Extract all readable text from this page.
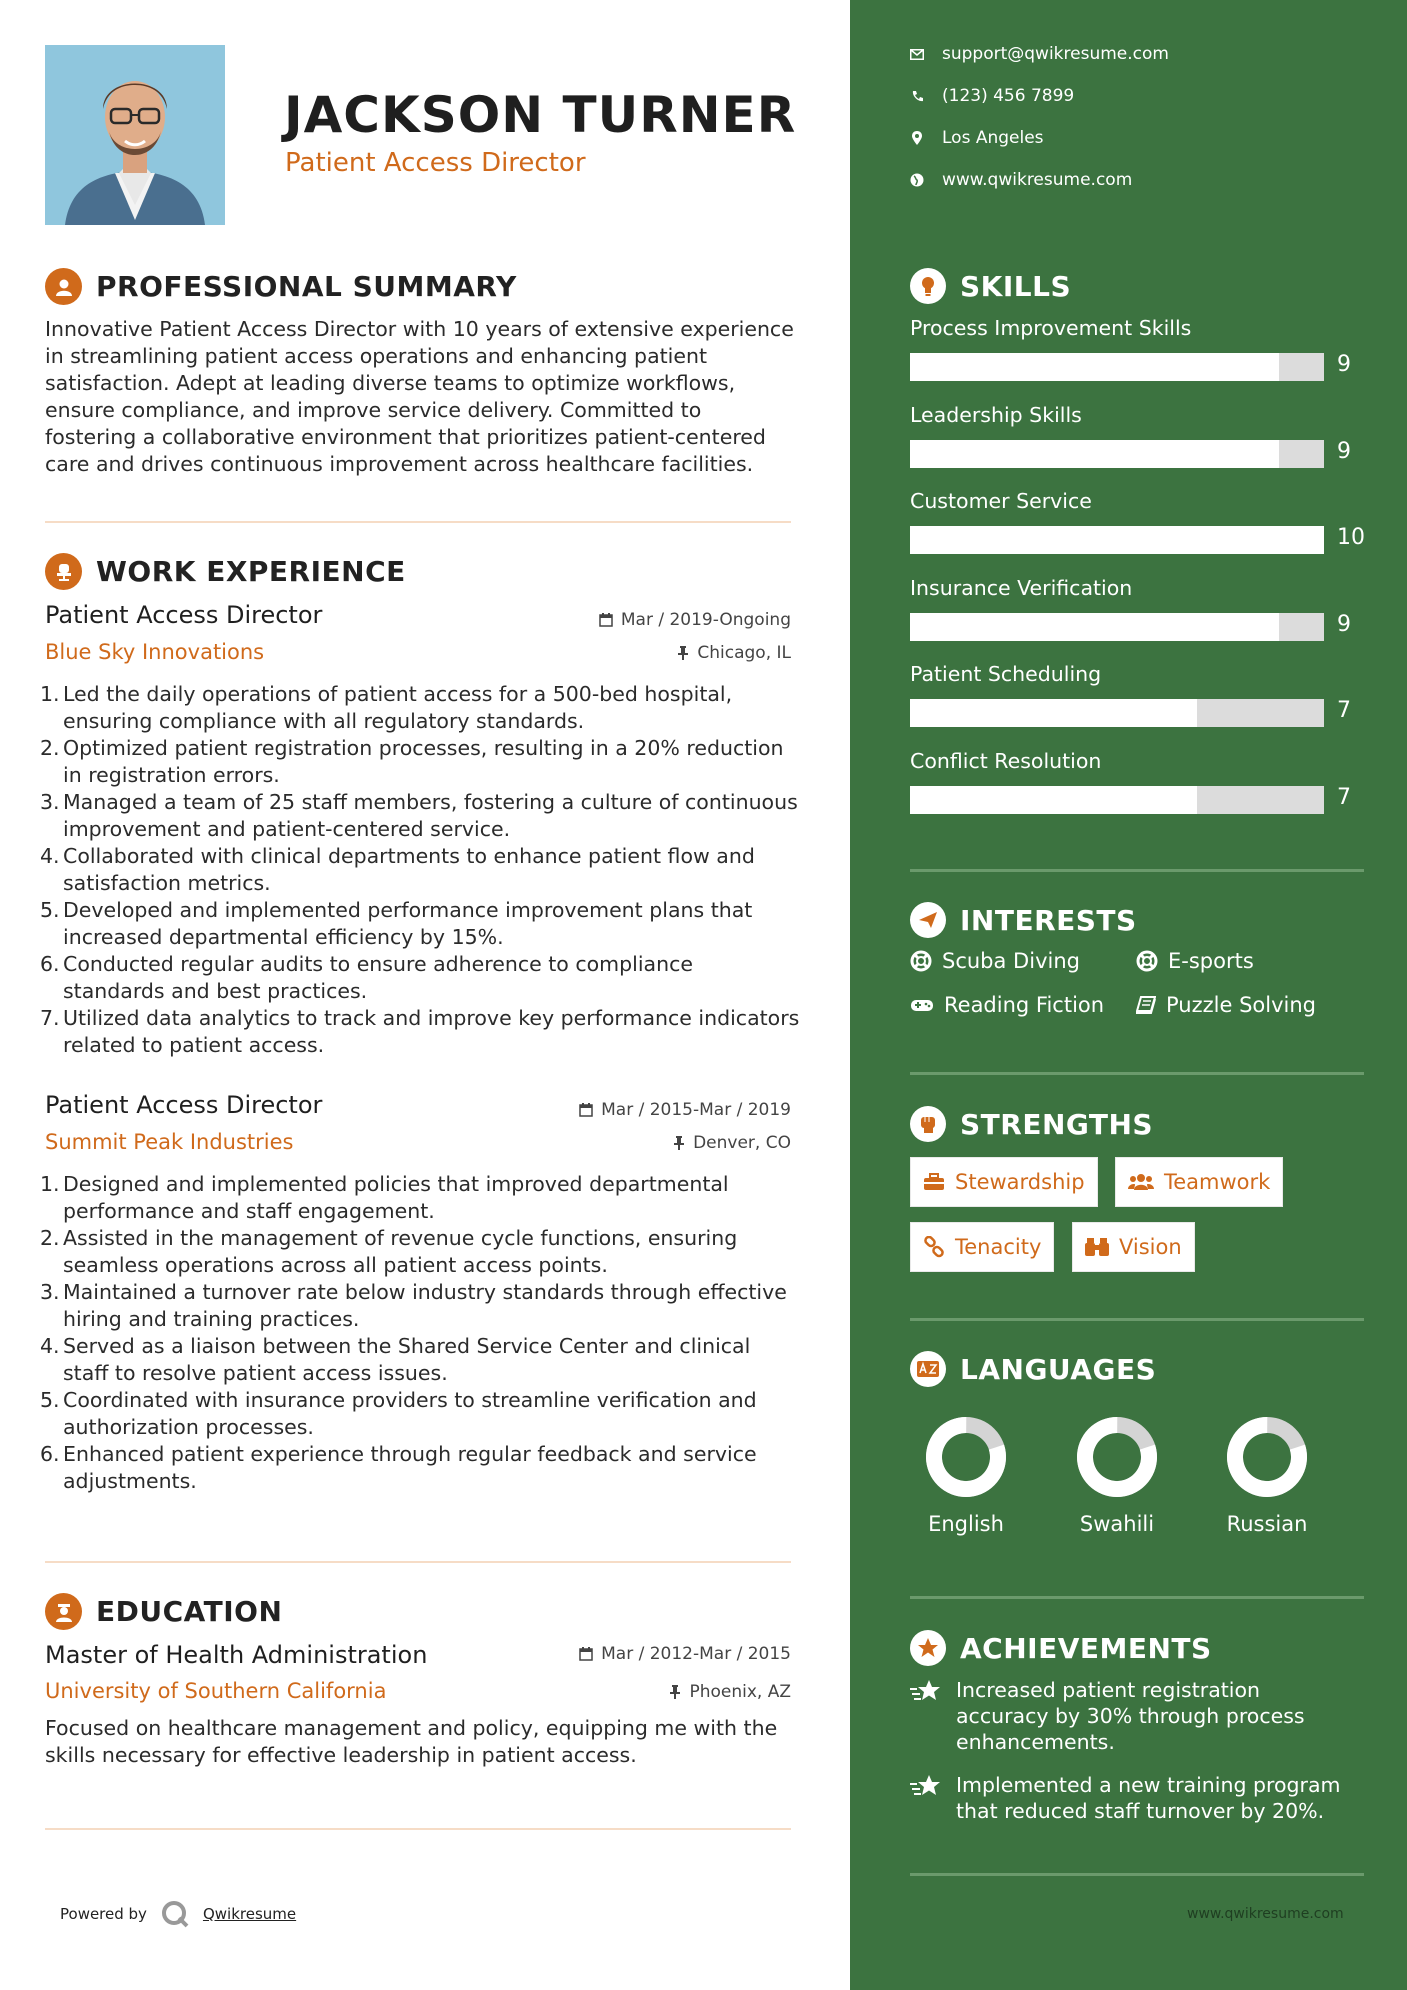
JACKSON TURNER
Patient Access Director
PROFESSIONAL SUMMARY
Innovative Patient Access Director with 10 years of extensive experience in streamlining patient access operations and enhancing patient satisfaction. Adept at leading diverse teams to optimize workflows, ensure compliance, and improve service delivery. Committed to fostering a collaborative environment that prioritizes patient-centered care and drives continuous improvement across healthcare facilities.
WORK EXPERIENCE
Patient Access Director	Mar / 2019-Ongoing
Blue Sky Innovations	Chicago, IL
1. Led the daily operations of patient access for a 500-bed hospital, ensuring compliance with all regulatory standards.
2. Optimized patient registration processes, resulting in a 20% reduction in registration errors.
3. Managed a team of 25 staff members, fostering a culture of continuous improvement and patient-centered service.
4. Collaborated with clinical departments to enhance patient flow and satisfaction metrics.
5. Developed and implemented performance improvement plans that increased departmental efficiency by 15%.
6. Conducted regular audits to ensure adherence to compliance standards and best practices.
7. Utilized data analytics to track and improve key performance indicators related to patient access.
Patient Access Director	Mar / 2015-Mar / 2019
Summit Peak Industries	Denver, CO
1. Designed and implemented policies that improved departmental performance and staff engagement.
2. Assisted in the management of revenue cycle functions, ensuring seamless operations across all patient access points.
3. Maintained a turnover rate below industry standards through effective hiring and training practices.
4. Served as a liaison between the Shared Service Center and clinical staff to resolve patient access issues.
5. Coordinated with insurance providers to streamline verification and authorization processes.
6. Enhanced patient experience through regular feedback and service adjustments.
EDUCATION
Master of Health Administration	Mar / 2012-Mar / 2015
University of Southern California	Phoenix, AZ
Focused on healthcare management and policy, equipping me with the skills necessary for effective leadership in patient access.
Powered by	Qwikresume
support@qwikresume.com
(123) 456 7899
Los Angeles
www.qwikresume.com
SKILLS
Process Improvement Skills
9
Leadership Skills
9
Customer Service
10
Insurance Verification
9
Patient Scheduling
7
Conflict Resolution
7
INTERESTS
Scuba Diving	E-sports
Reading Fiction	Puzzle Solving
STRENGTHS
Stewardship	Teamwork
Tenacity	Vision
LANGUAGES
English	Swahili	Russian
ACHIEVEMENTS
Increased patient registration accuracy by 30% through process enhancements.
Implemented a new training program that reduced staff turnover by 20%.
www.qwikresume.com
